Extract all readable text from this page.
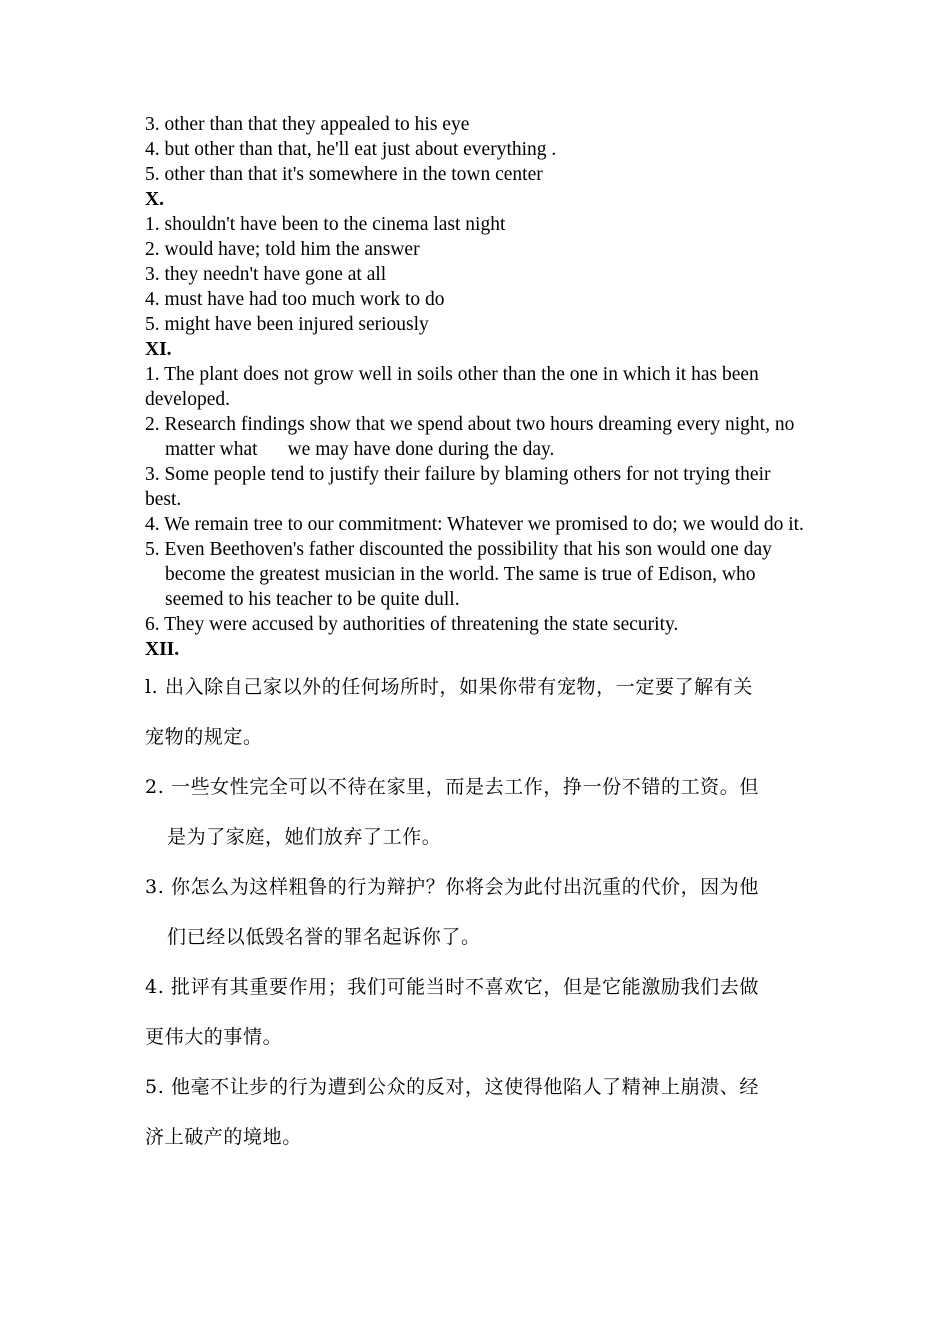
3. other than that they appealed to his eye

4. but other than that, he'll eat just about everything .

5. other than that it's somewhere in the town center

X.

1. shouldn't have been to the cinema last night

2. would have; told him the answer

3. they needn't have gone at all

4. must have had too much work to do

5. might have been injured seriously

XI.

1. The plant does not grow well in soils other than the one in which it has been developed.

2. Research findings show that we spend about two hours dreaming every night, no matter what we may have done during the day.

3. Some people tend to justify their failure by blaming others for not trying their best.

4. We remain tree to our commitment: Whatever we promised to do; we would do it.

5. Even Beethoven's father discounted the possibility that his son would one day become the greatest musician in the world. The same is true of Edison, who seemed to his teacher to be quite dull.

6. They were accused by authorities of threatening the state security.

XII.

l. 出入除自己家以外的任何场所时，如果你带有宠物，一定要了解有关

宠物的规定。

2. 一些女性完全可以不待在家里，而是去工作，挣一份不错的工资。但

是为了家庭，她们放弃了工作。

3. 你怎么为这样粗鲁的行为辩护？你将会为此付出沉重的代价，因为他

们已经以低毁名誉的罪名起诉你了。

4. 批评有其重要作用；我们可能当时不喜欢它，但是它能激励我们去做

更伟大的事情。

5. 他毫不让步的行为遭到公众的反对，这使得他陷人了精神上崩溃、经

济上破产的境地。
